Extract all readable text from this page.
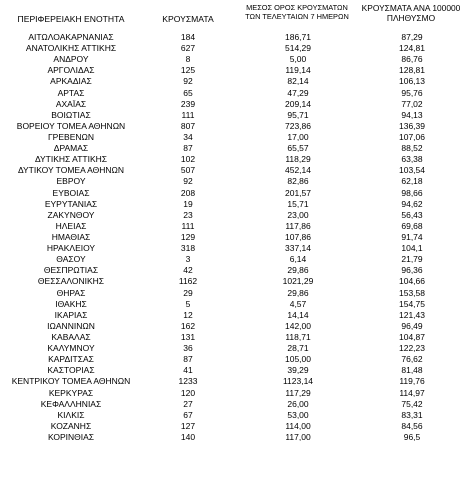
ΠΕΡΙΦΕΡΕΙΑΚΗ ΕΝΟΤΗΤΑ	ΚΡΟΥΣΜΑΤΑ
ΜΕΣΟΣ ΟΡΟΣ ΚΡΟΥΣΜΑΤΩΝ
ΤΩΝ ΤΕΛΕΥΤΑΙΩΝ 7 ΗΜΕΡΩΝ
ΚΡΟΥΣΜΑΤΑ ΑΝΑ 100000
ΠΛΗΘΥΣΜΟ
ΑΙΤΩΛΟΑΚΑΡΝΑΝΙΑΣ	184	186,71	87,29
ΑΝΑΤΟΛΙΚΗΣ ΑΤΤΙΚΗΣ	627	514,29	124,81
ΑΝΔΡΟΥ	8	5,00	86,76
ΑΡΓΟΛΙΔΑΣ	125	119,14	128,81
ΑΡΚΑΔΙΑΣ	92	82,14	106,13
ΑΡΤΑΣ	65	47,29	95,76
ΑΧΑΪΑΣ	239	209,14	77,02
ΒΟΙΩΤΙΑΣ	111	95,71	94,13
ΒΟΡΕΙΟΥ ΤΟΜΕΑ ΑΘΗΝΩΝ	807	723,86	136,39
ΓΡΕΒΕΝΩΝ	34	17,00	107,06
ΔΡΑΜΑΣ	87	65,57	88,52
ΔΥΤΙΚΗΣ ΑΤΤΙΚΗΣ	102	118,29	63,38
ΔΥΤΙΚΟΥ ΤΟΜΕΑ ΑΘΗΝΩΝ	507	452,14	103,54
ΕΒΡΟΥ	92	82,86	62,18
ΕΥΒΟΙΑΣ	208	201,57	98,66
ΕΥΡΥΤΑΝΙΑΣ	19	15,71	94,62
ΖΑΚΥΝΘΟΥ	23	23,00	56,43
ΗΛΕΙΑΣ	111	117,86	69,68
ΗΜΑΘΙΑΣ	129	107,86	91,74
ΗΡΑΚΛΕΙΟΥ	318	337,14	104,1
ΘΑΣΟΥ	3	6,14	21,79
ΘΕΣΠΡΩΤΙΑΣ	42	29,86	96,36
ΘΕΣΣΑΛΟΝΙΚΗΣ	1162	1021,29	104,66
ΘΗΡΑΣ	29	29,86	153,58
ΙΘΑΚΗΣ	5	4,57	154,75
ΙΚΑΡΙΑΣ	12	14,14	121,43
ΙΩΑΝΝΙΝΩΝ	162	142,00	96,49
ΚΑΒΑΛΑΣ	131	118,71	104,87
ΚΑΛΥΜΝΟΥ	36	28,71	122,23
ΚΑΡΔΙΤΣΑΣ	87	105,00	76,62
ΚΑΣΤΟΡΙΑΣ	41	39,29	81,48
ΚΕΝΤΡΙΚΟΥ ΤΟΜΕΑ ΑΘΗΝΩΝ	1233	1123,14	119,76
ΚΕΡΚΥΡΑΣ	120	117,29	114,97
ΚΕΦΑΛΛΗΝΙΑΣ	27	26,00	75,42
ΚΙΛΚΙΣ	67	53,00	83,31
ΚΟΖΑΝΗΣ	127	114,00	84,56
ΚΟΡΙΝΘΙΑΣ	140	117,00	96,5
